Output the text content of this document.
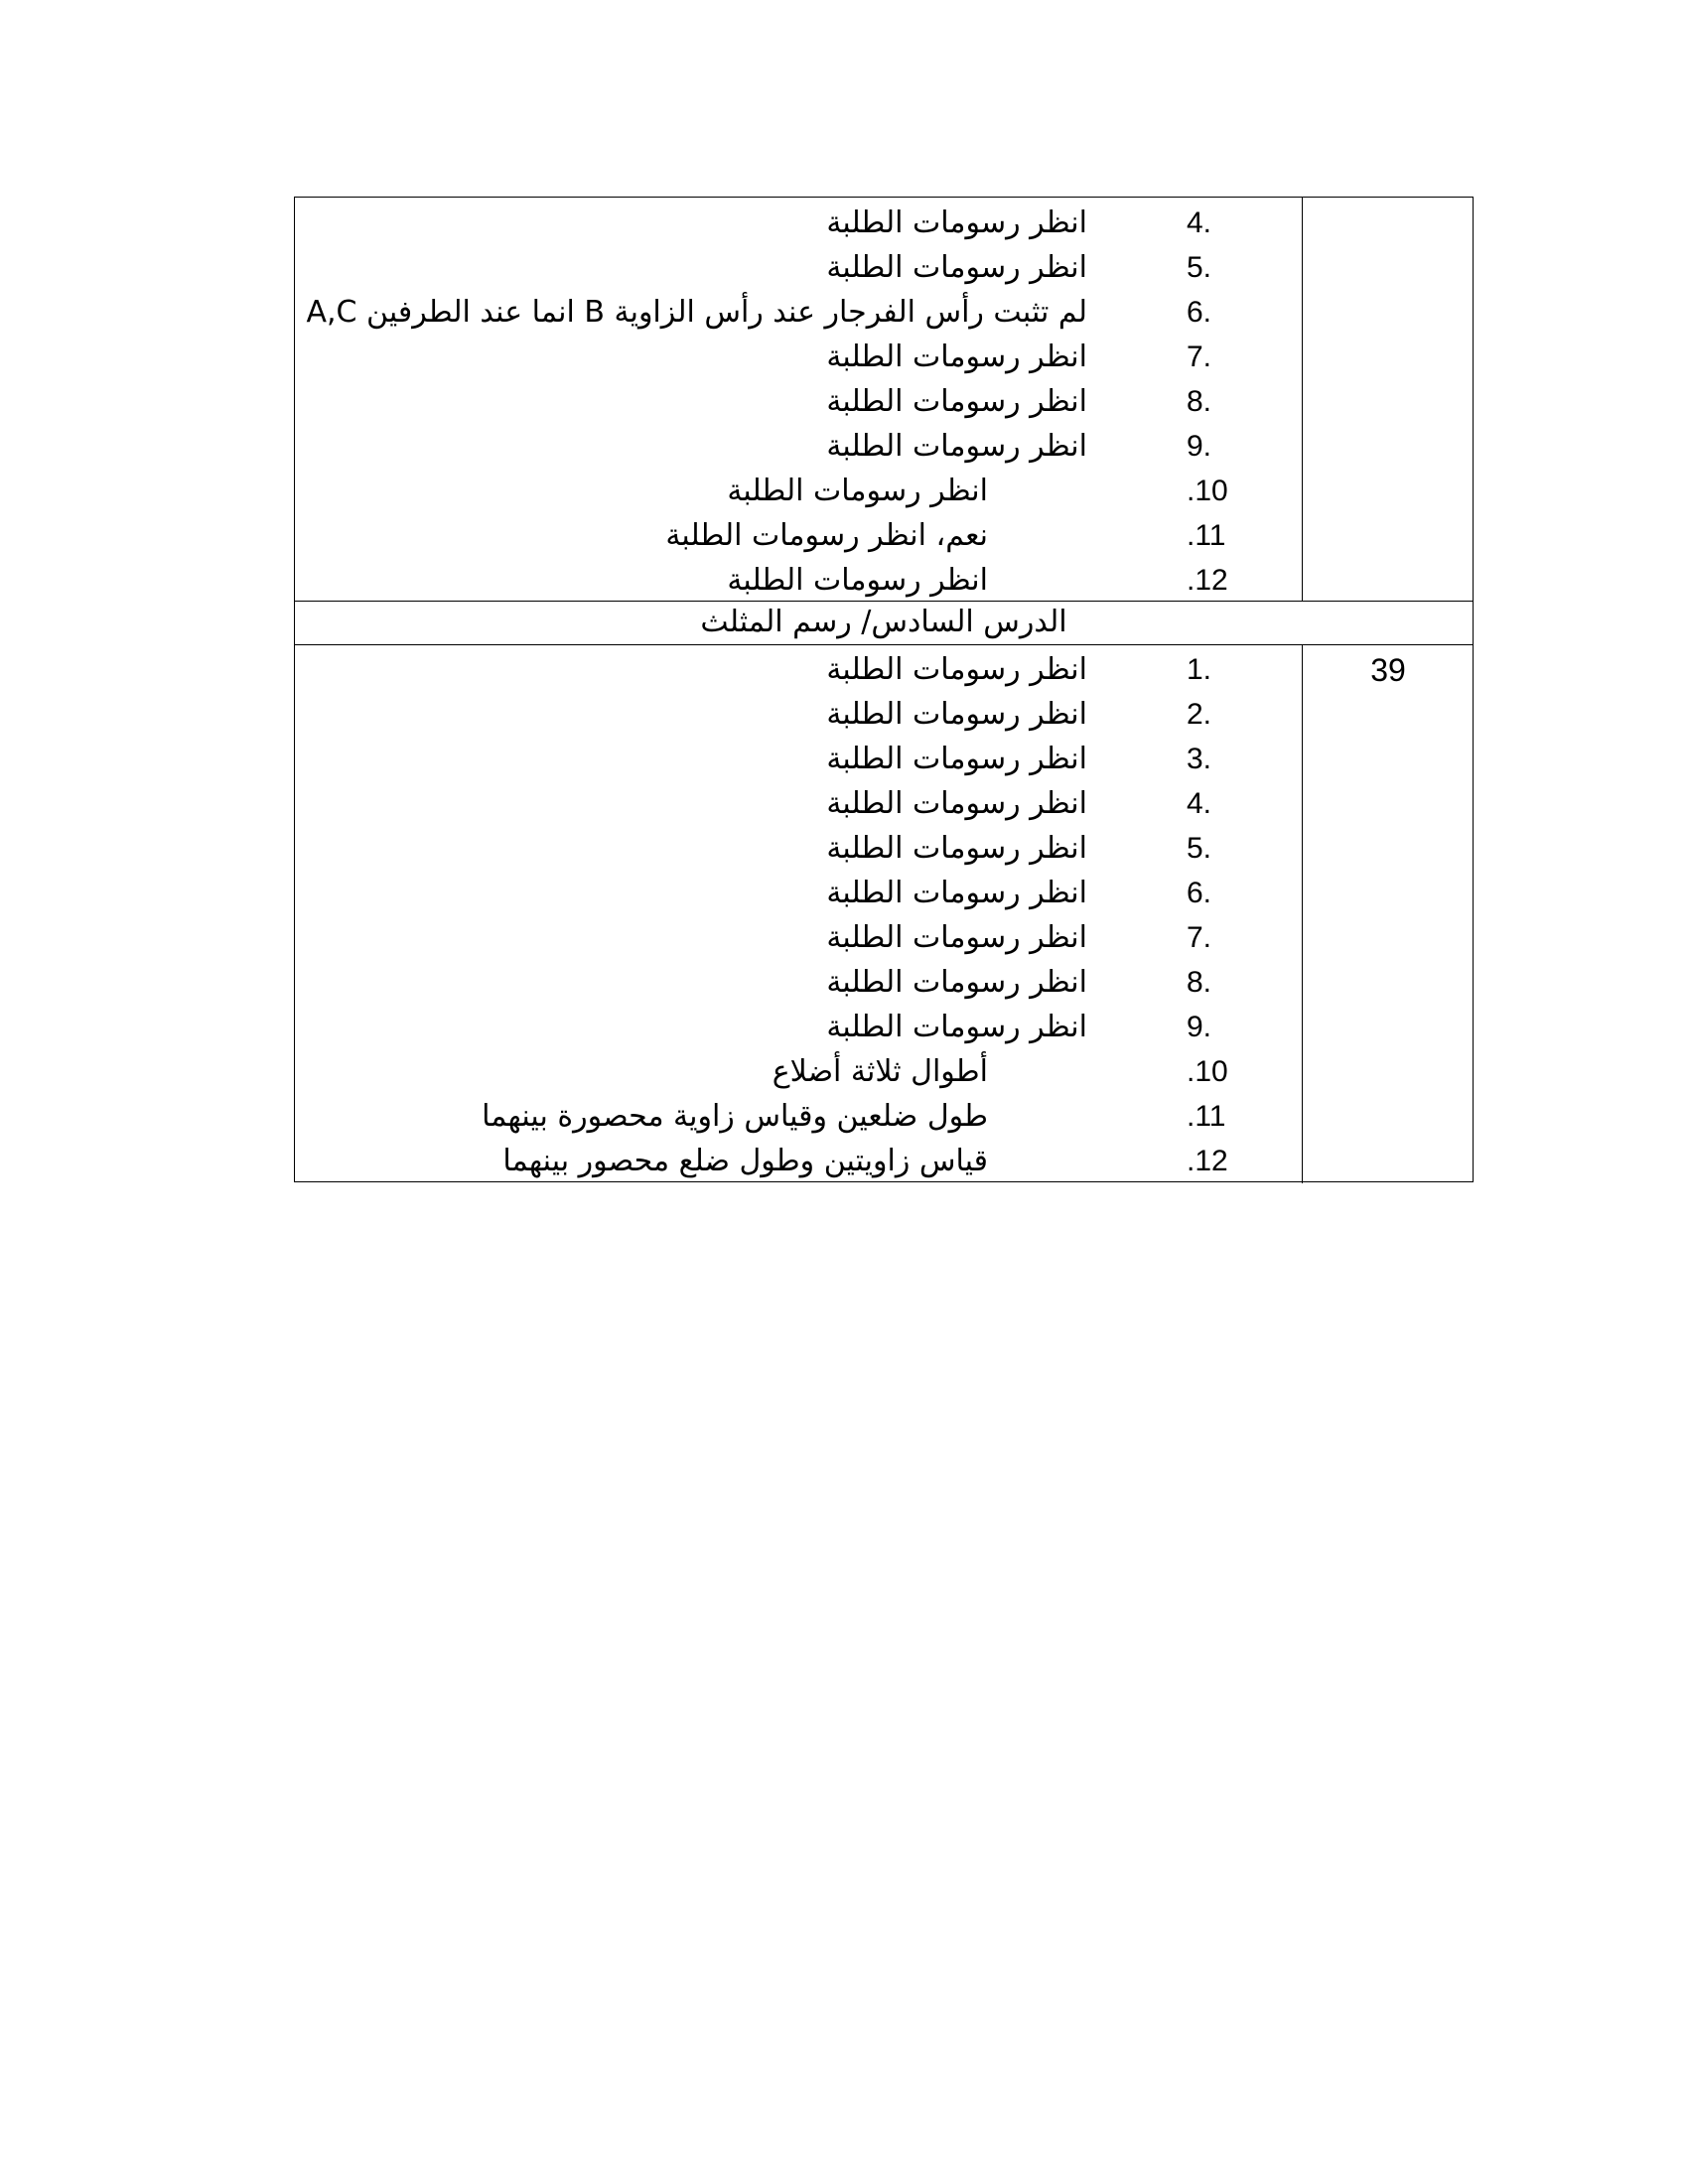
4.
انظر رسومات الطلبة
5.
انظر رسومات الطلبة
6.
لم تثبت رأس الفرجار عند رأس الزاوية B انما عند الطرفين A,C
7.
انظر رسومات الطلبة
8.
انظر رسومات الطلبة
9.
انظر رسومات الطلبة
.10
انظر رسومات الطلبة
.11
نعم، انظر رسومات الطلبة
.12
انظر رسومات الطلبة
الدرس السادس/ رسم المثلث
39
1.
انظر رسومات الطلبة
2.
انظر رسومات الطلبة
3.
انظر رسومات الطلبة
4.
انظر رسومات الطلبة
5.
انظر رسومات الطلبة
6.
انظر رسومات الطلبة
7.
انظر رسومات الطلبة
8.
انظر رسومات الطلبة
9.
انظر رسومات الطلبة
.10
أطوال ثلاثة أضلاع
.11
طول ضلعين وقياس زاوية محصورة بينهما
.12
قياس زاويتين وطول ضلع محصور بينهما
